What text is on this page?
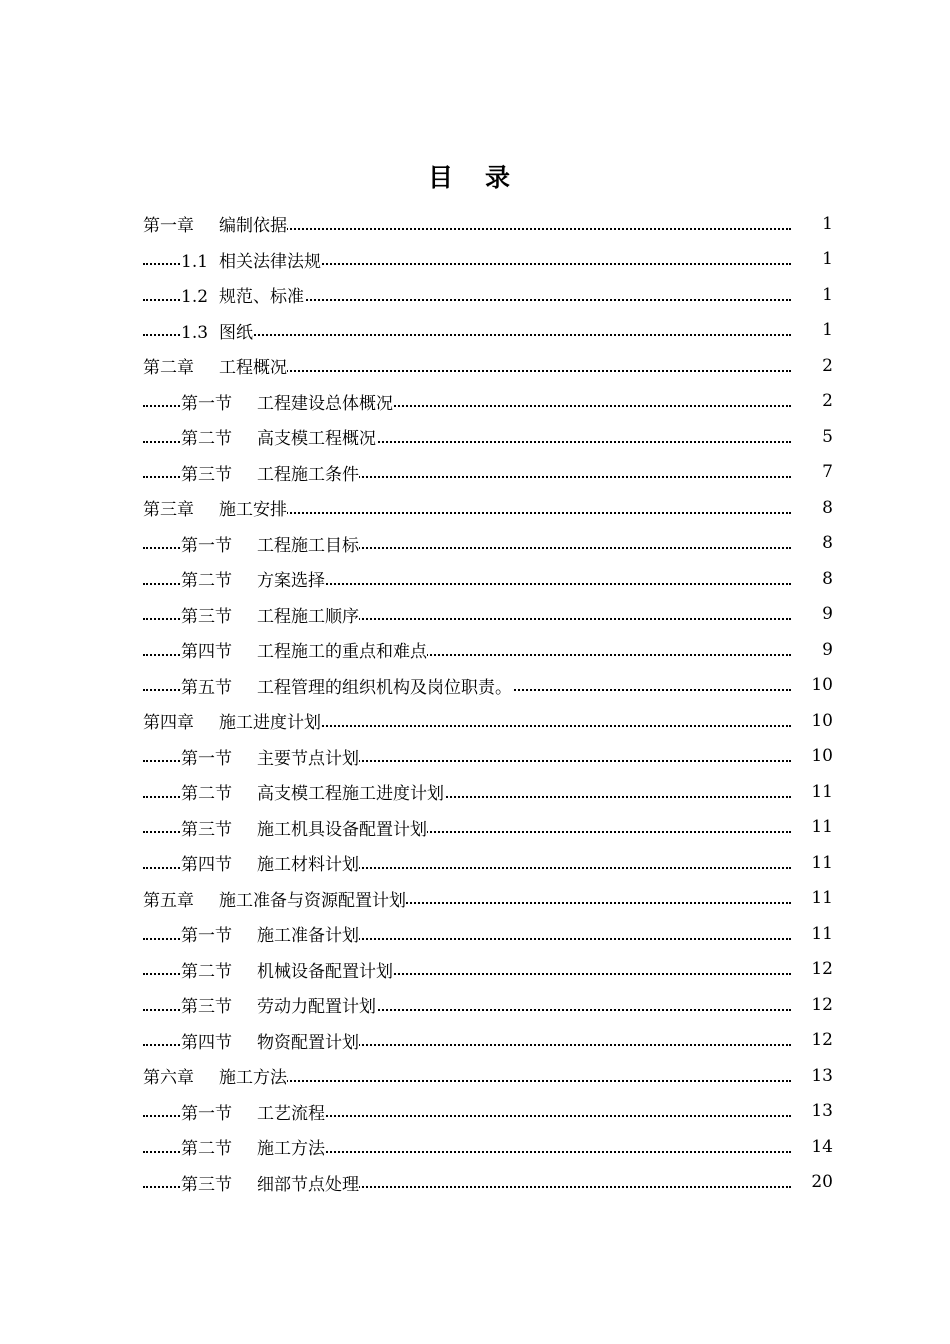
目录
第一章	编制依据	1
1.1 相关法律法规	1
1.2 规范、标准	1
1.3 图纸	1
第二章	工程概况	2
第一节	工程建设总体概况	2
第二节	高支模工程概况	5
第三节	工程施工条件	7
第三章	施工安排	8
第一节	工程施工目标	8
第二节	方案选择	8
第三节	工程施工顺序	9
第四节	工程施工的重点和难点	9
第五节	工程管理的组织机构及岗位职责。	10
第四章	施工进度计划	10
第一节	主要节点计划	10
第二节	高支模工程施工进度计划	11
第三节	施工机具设备配置计划	11
第四节	施工材料计划	11
第五章	施工准备与资源配置计划	11
第一节	施工准备计划	11
第二节	机械设备配置计划	12
第三节	劳动力配置计划	12
第四节	物资配置计划	12
第六章	施工方法	13
第一节	工艺流程	13
第二节	施工方法	14
第三节	细部节点处理	20
